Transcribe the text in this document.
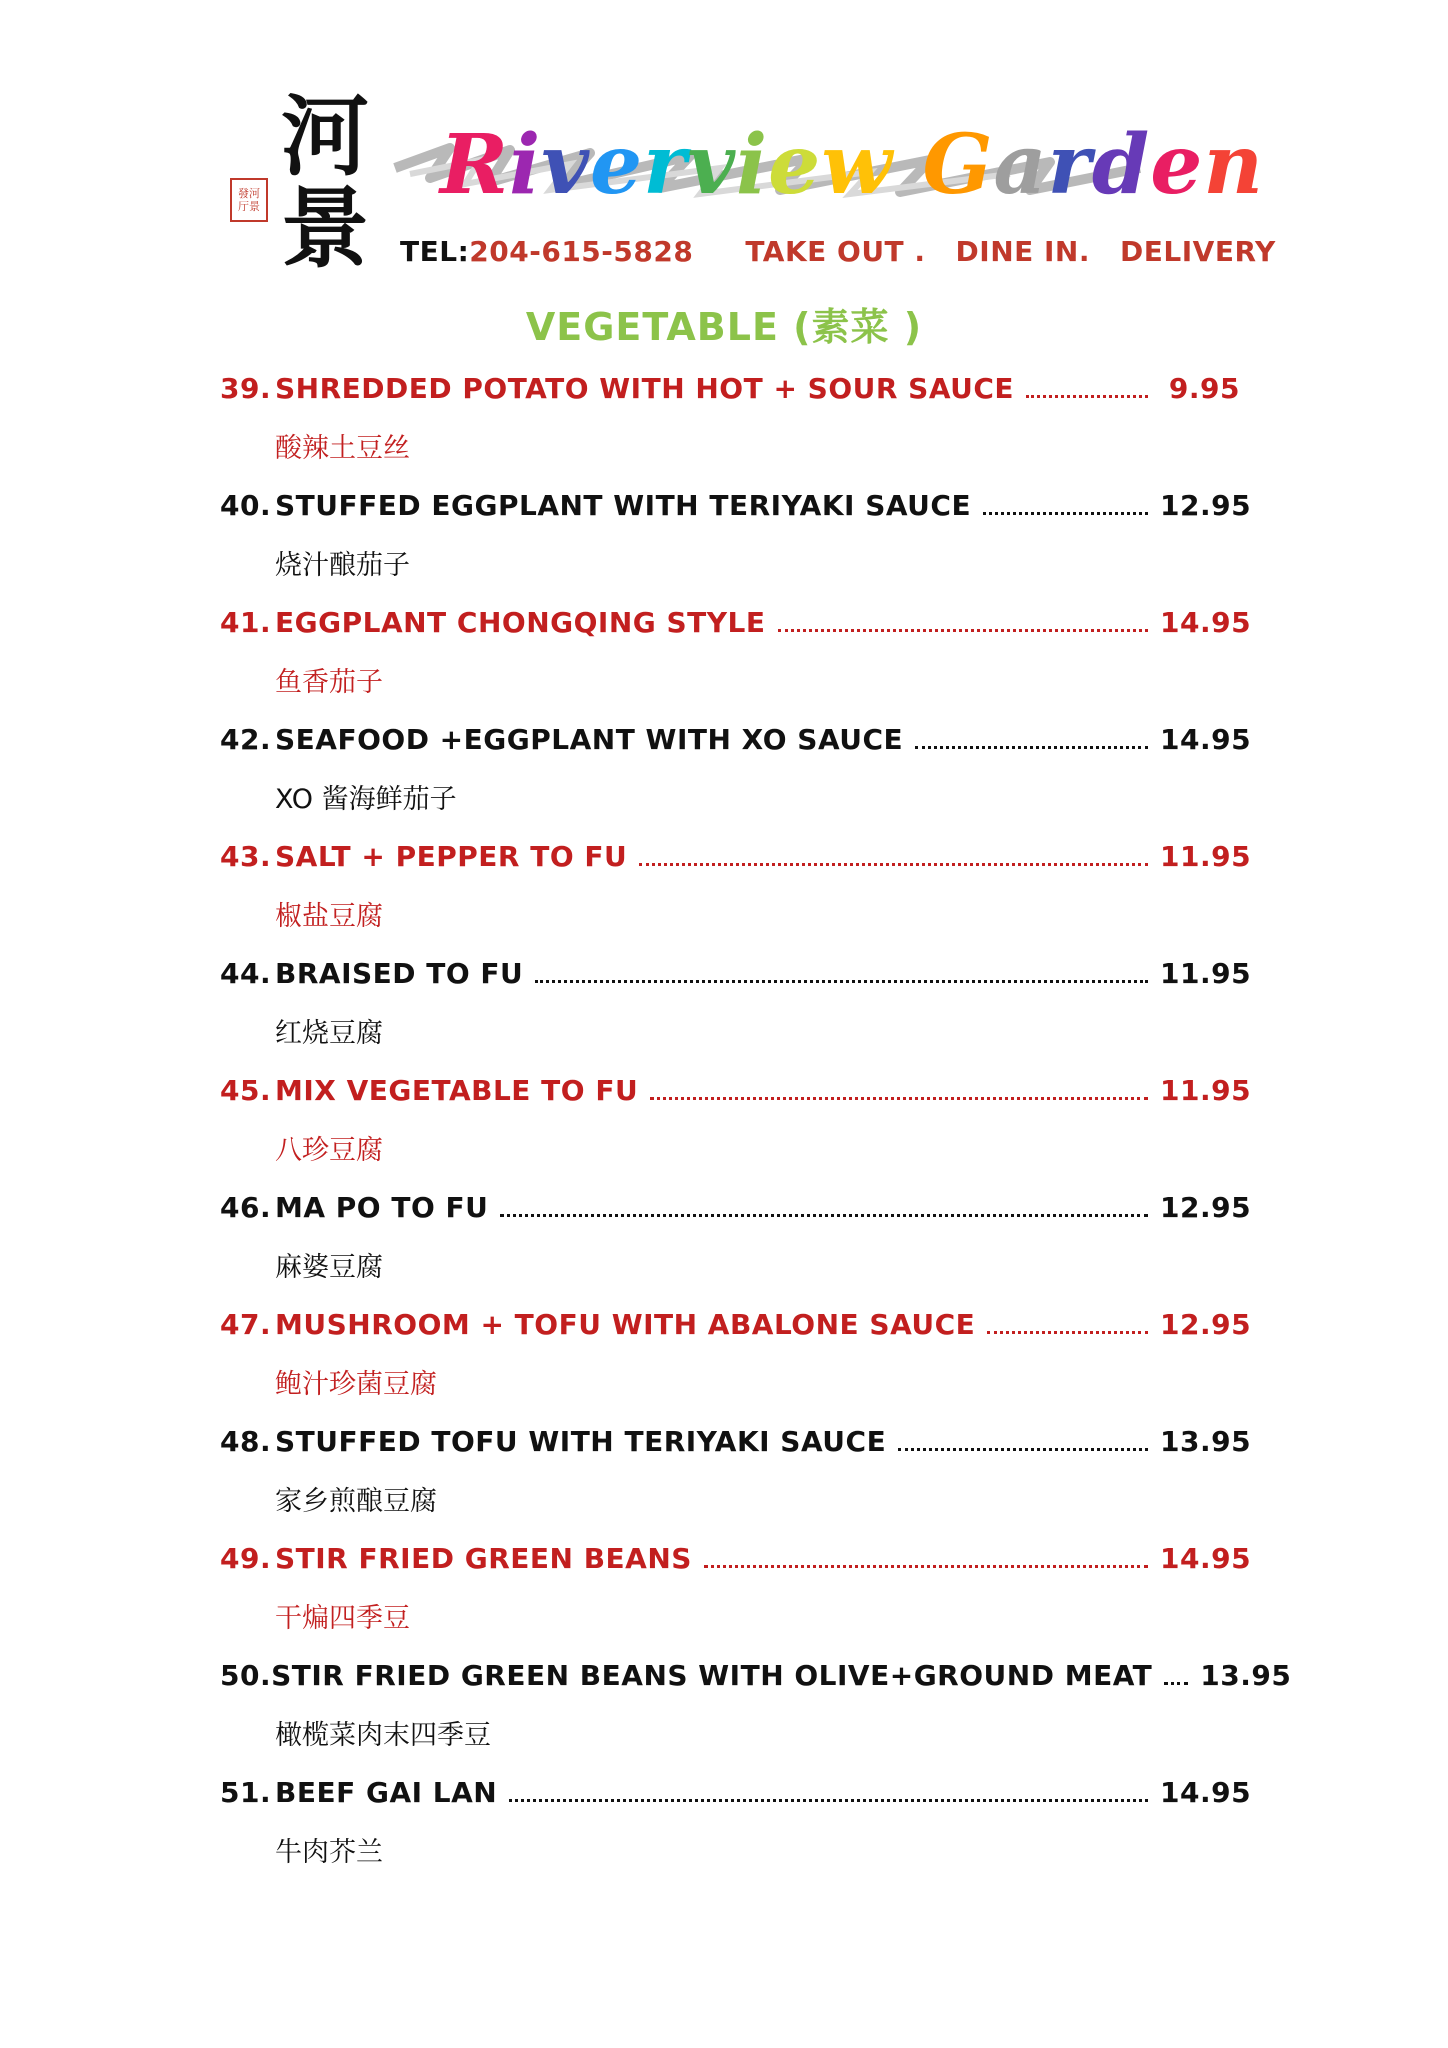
河
景
發河 厅景 Riverview Garden
TEL:204-615-5828 TAKE OUT . DINE IN. DELIVERY
VEGETABLE (素菜 )
39. SHREDDED POTATO WITH HOT + SOUR SAUCE	9.95
酸辣土豆丝
40. STUFFED EGGPLANT WITH TERIYAKI SAUCE	12.95
烧汁酿茄子
41. EGGPLANT CHONGQING STYLE	14.95
鱼香茄子
42. SEAFOOD +EGGPLANT WITH XO SAUCE	14.95
XO 酱海鲜茄子
43. SALT + PEPPER TO FU	11.95
椒盐豆腐
44. BRAISED TO FU	11.95
红烧豆腐
45. MIX VEGETABLE TO FU	11.95
八珍豆腐
46. MA PO TO FU	12.95
麻婆豆腐
47. MUSHROOM + TOFU WITH ABALONE SAUCE	12.95
鲍汁珍菌豆腐
48. STUFFED TOFU WITH TERIYAKI SAUCE	13.95
家乡煎酿豆腐
49. STIR FRIED GREEN BEANS	14.95
干煸四季豆
50. STIR FRIED GREEN BEANS WITH OLIVE+GROUND MEAT 13.95
橄榄菜肉末四季豆
51. BEEF GAI LAN	14.95
牛肉芥兰
